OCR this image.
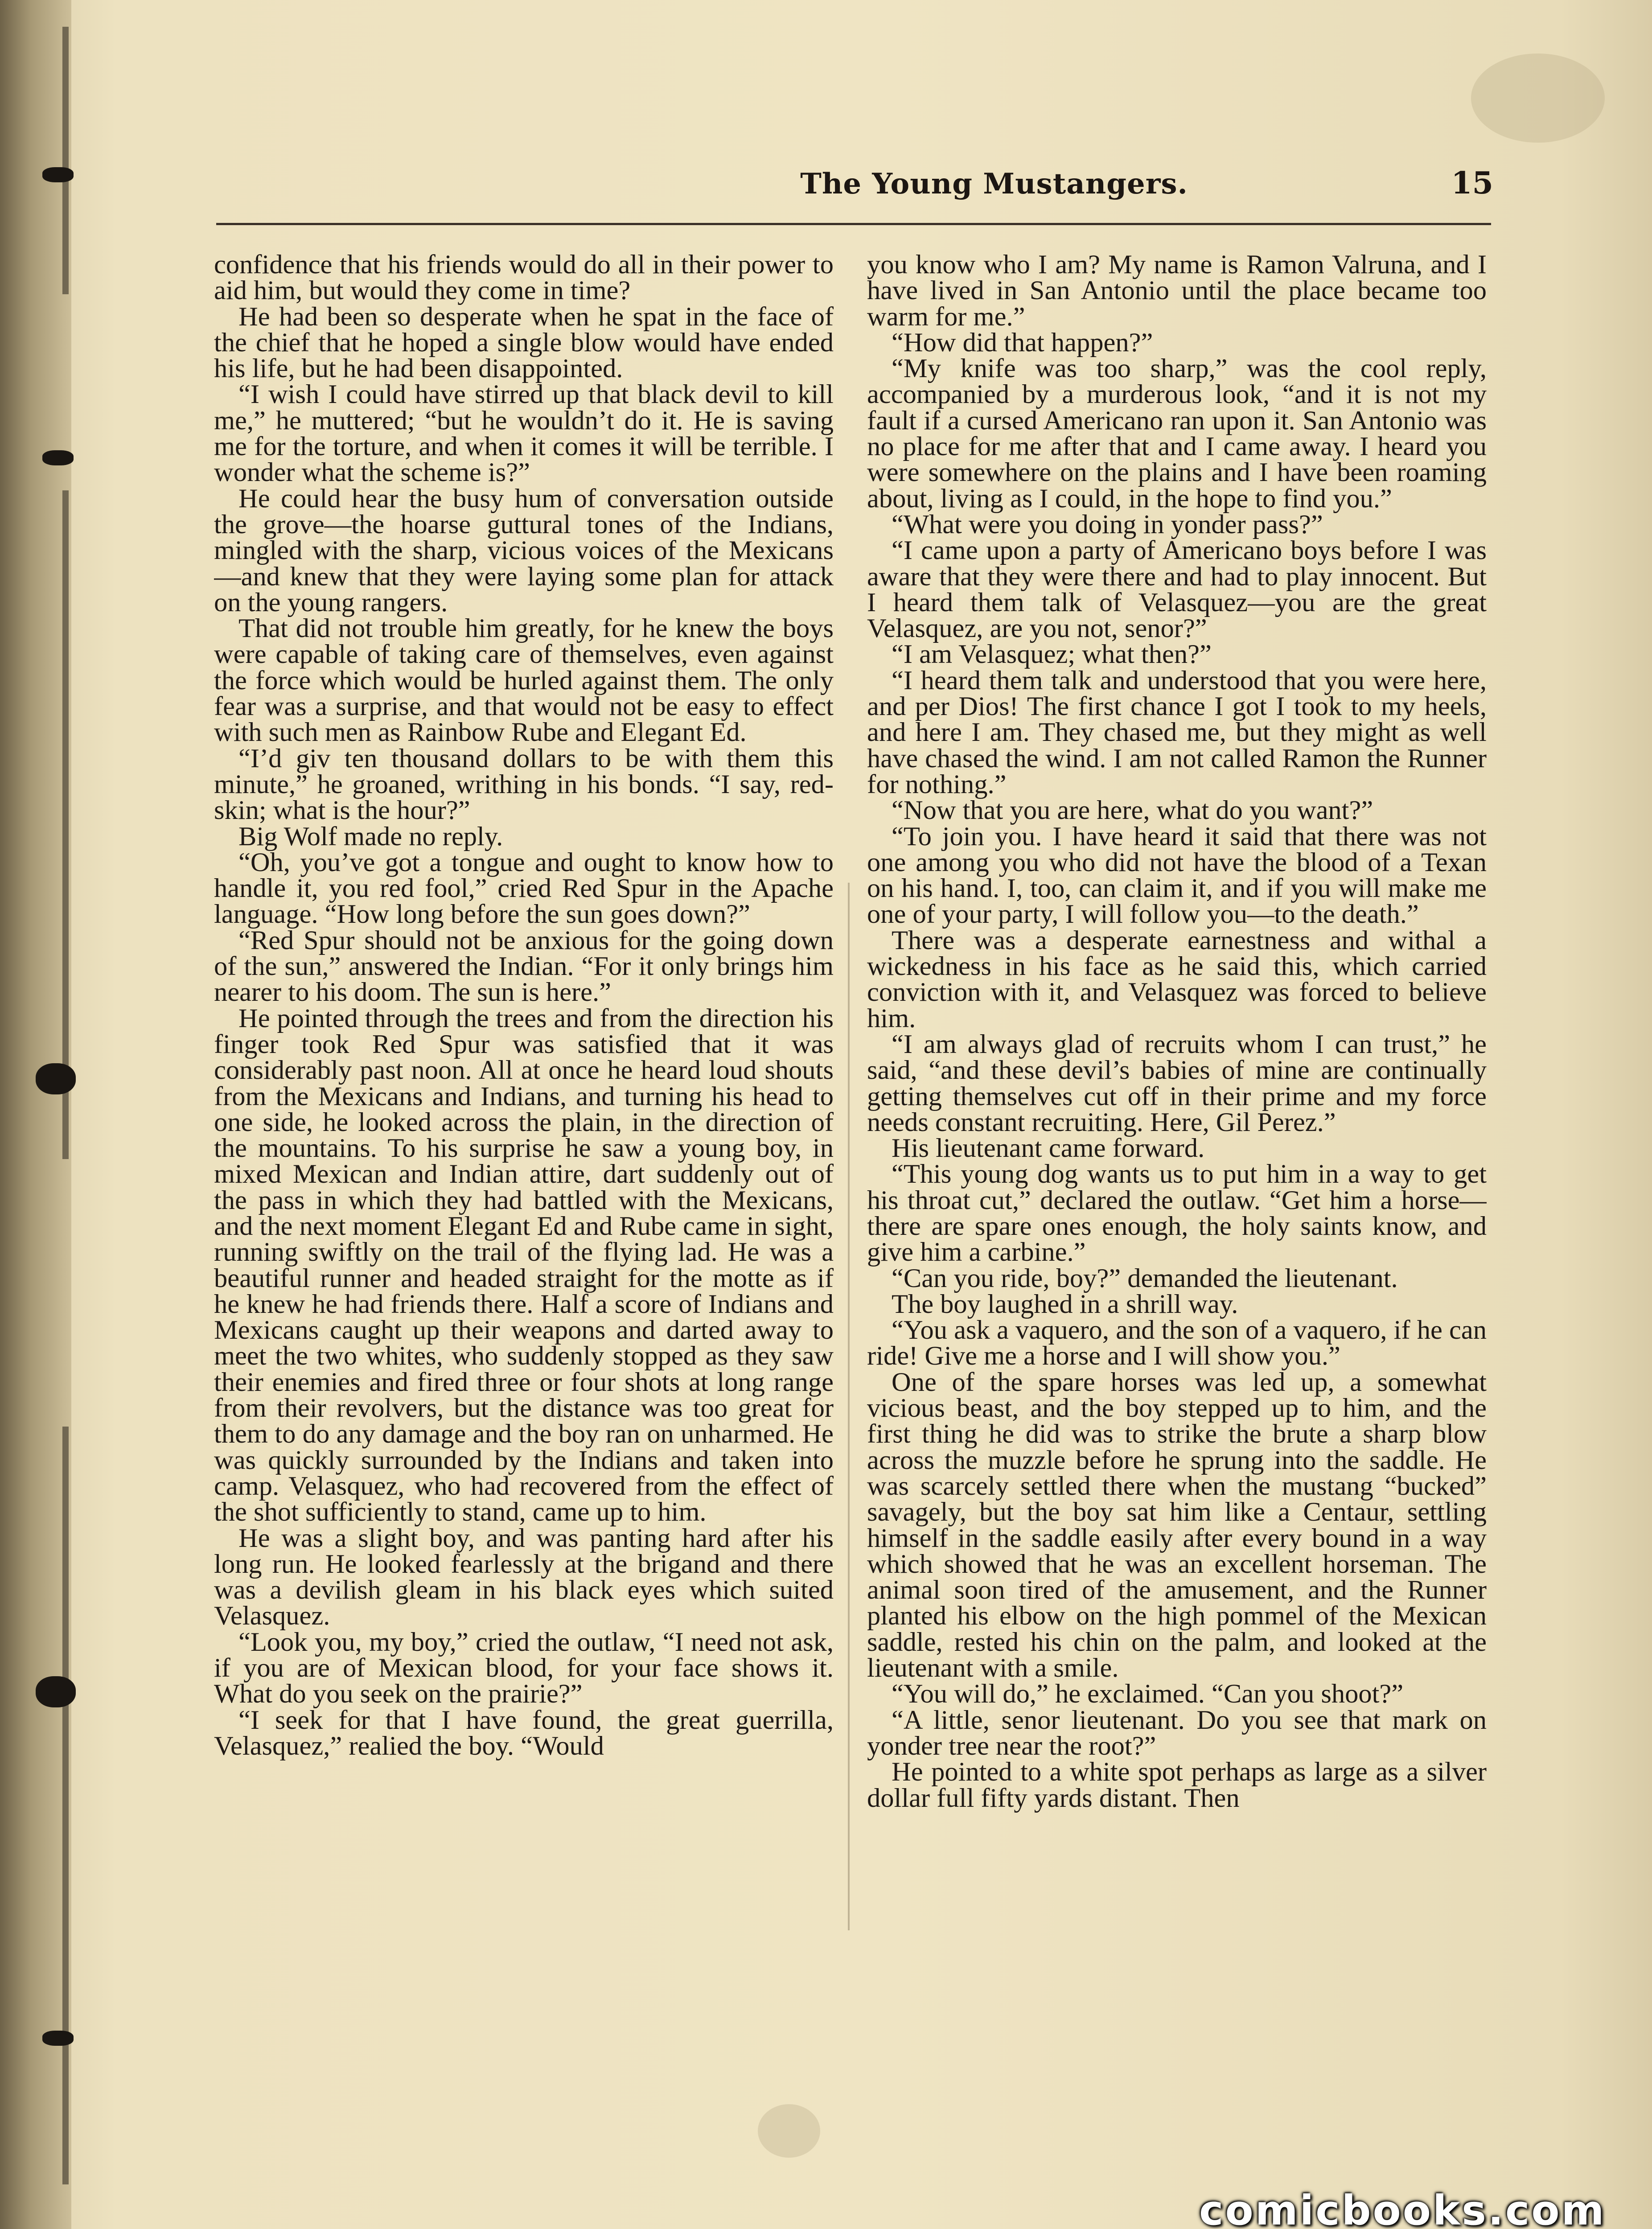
The Young Mustangers.	15

confidence that his friends would do all in their power to aid him, but would they come in time?

He had been so desperate when he spat in the face of the chief that he hoped a single blow would have ended his life, but he had been disappointed.

“I wish I could have stirred up that black devil to kill me,” he muttered; “but he wouldn’t do it. He is saving me for the torture, and when it comes it will be terrible. I wonder what the scheme is?”

He could hear the busy hum of conversation outside the grove—the hoarse guttural tones of the Indians, mingled with the sharp, vicious voices of the Mexicans—and knew that they were laying some plan for attack on the young rangers.

That did not trouble him greatly, for he knew the boys were capable of taking care of themselves, even against the force which would be hurled against them. The only fear was a surprise, and that would not be easy to effect with such men as Rainbow Rube and Elegant Ed.

“I’d giv ten thousand dollars to be with them this minute,” he groaned, writhing in his bonds. “I say, red-skin; what is the hour?”

Big Wolf made no reply.

“Oh, you’ve got a tongue and ought to know how to handle it, you red fool,” cried Red Spur in the Apache language. “How long before the sun goes down?”

“Red Spur should not be anxious for the going down of the sun,” answered the Indian. “For it only brings him nearer to his doom. The sun is here.”

He pointed through the trees and from the direction his finger took Red Spur was satisfied that it was considerably past noon. All at once he heard loud shouts from the Mexicans and Indians, and turning his head to one side, he looked across the plain, in the direction of the mountains. To his surprise he saw a young boy, in mixed Mexican and Indian attire, dart suddenly out of the pass in which they had battled with the Mexicans, and the next moment Elegant Ed and Rube came in sight, running swiftly on the trail of the flying lad. He was a beautiful runner and headed straight for the motte as if he knew he had friends there. Half a score of Indians and Mexicans caught up their weapons and darted away to meet the two whites, who suddenly stopped as they saw their enemies and fired three or four shots at long range from their revolvers, but the distance was too great for them to do any damage and the boy ran on unharmed. He was quickly surrounded by the Indians and taken into camp. Velasquez, who had recovered from the effect of the shot sufficiently to stand, came up to him.

He was a slight boy, and was panting hard after his long run. He looked fearlessly at the brigand and there was a devilish gleam in his black eyes which suited Velasquez.

“Look you, my boy,” cried the outlaw, “I need not ask, if you are of Mexican blood, for your face shows it. What do you seek on the prairie?”

“I seek for that I have found, the great guerrilla, Velasquez,” realied the boy. “Would

you know who I am? My name is Ramon Valruna, and I have lived in San Antonio until the place became too warm for me.”

“How did that happen?”

“My knife was too sharp,” was the cool reply, accompanied by a murderous look, “and it is not my fault if a cursed Americano ran upon it. San Antonio was no place for me after that and I came away. I heard you were somewhere on the plains and I have been roaming about, living as I could, in the hope to find you.”

“What were you doing in yonder pass?”

“I came upon a party of Americano boys before I was aware that they were there and had to play innocent. But I heard them talk of Velasquez—you are the great Velasquez, are you not, senor?”

“I am Velasquez; what then?”

“I heard them talk and understood that you were here, and per Dios! The first chance I got I took to my heels, and here I am. They chased me, but they might as well have chased the wind. I am not called Ramon the Runner for nothing.”

“Now that you are here, what do you want?”

“To join you. I have heard it said that there was not one among you who did not have the blood of a Texan on his hand. I, too, can claim it, and if you will make me one of your party, I will follow you—to the death.”

There was a desperate earnestness and withal a wickedness in his face as he said this, which carried conviction with it, and Velasquez was forced to believe him.

“I am always glad of recruits whom I can trust,” he said, “and these devil’s babies of mine are continually getting themselves cut off in their prime and my force needs constant recruiting. Here, Gil Perez.”

His lieutenant came forward.

“This young dog wants us to put him in a way to get his throat cut,” declared the outlaw. “Get him a horse—there are spare ones enough, the holy saints know, and give him a carbine.”

“Can you ride, boy?” demanded the lieutenant.

The boy laughed in a shrill way.

“You ask a vaquero, and the son of a vaquero, if he can ride! Give me a horse and I will show you.”

One of the spare horses was led up, a somewhat vicious beast, and the boy stepped up to him, and the first thing he did was to strike the brute a sharp blow across the muzzle before he sprung into the saddle. He was scarcely settled there when the mustang “bucked” savagely, but the boy sat him like a Centaur, settling himself in the saddle easily after every bound in a way which showed that he was an excellent horseman. The animal soon tired of the amusement, and the Runner planted his elbow on the high pommel of the Mexican saddle, rested his chin on the palm, and looked at the lieutenant with a smile.

“You will do,” he exclaimed. “Can you shoot?”

“A little, senor lieutenant. Do you see that mark on yonder tree near the root?”

He pointed to a white spot perhaps as large as a silver dollar full fifty yards distant. Then

comicbooks.com
